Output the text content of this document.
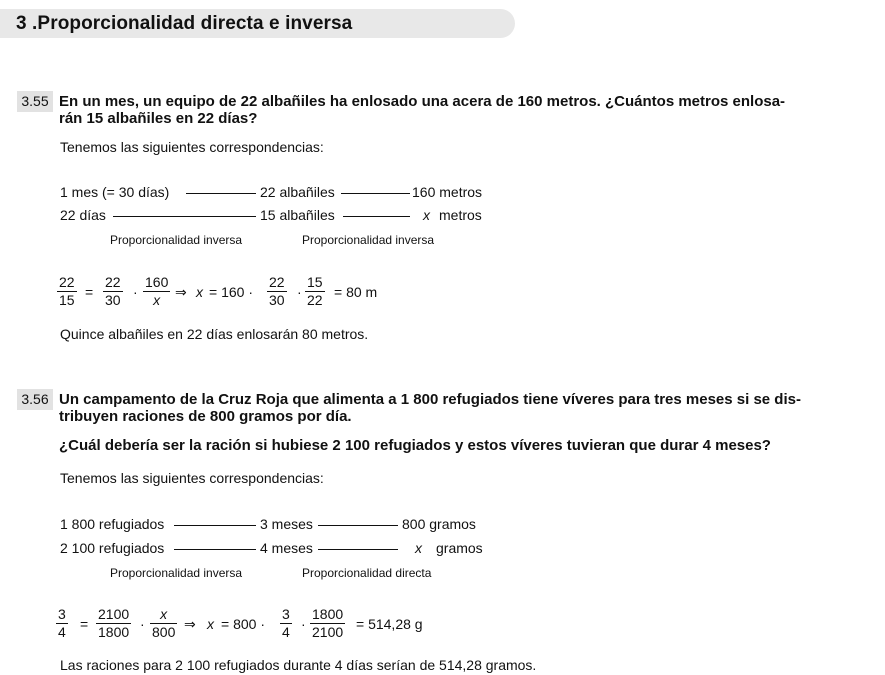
3 .Proporcionalidad directa e inversa
3.55 En un mes, un equipo de 22 albañiles ha enlosado una acera de 160 metros. ¿Cuántos metros enlosa-
rán 15 albañiles en 22 días?
Tenemos las siguientes correspondencias:
1 mes (= 30 días)	22 albañiles	160 metros
22 días	15 albañiles	x metros
Proporcionalidad inversa	Proporcionalidad inversa
22
15 =
22
30 ·
160
x	⇒ x = 160 ·
22
30 ·
15
22 = 80 m
Quince albañiles en 22 días enlosarán 80 metros.
3.56 Un campamento de la Cruz Roja que alimenta a 1 800 refugiados tiene víveres para tres meses si se dis-
tribuyen raciones de 800 gramos por día.
¿Cuál debería ser la ración si hubiese 2 100 refugiados y estos víveres tuvieran que durar 4 meses?
Tenemos las siguientes correspondencias:
1 800 refugiados	3 meses	800 gramos
2 100 refugiados	4 meses	x gramos
Proporcionalidad inversa	Proporcionalidad directa
3
4 =
2100
1800 ·
x
800 ⇒ x = 800 ·
3
4 ·
1800
2100 = 514,28 g
Las raciones para 2 100 refugiados durante 4 días serían de 514,28 gramos.
